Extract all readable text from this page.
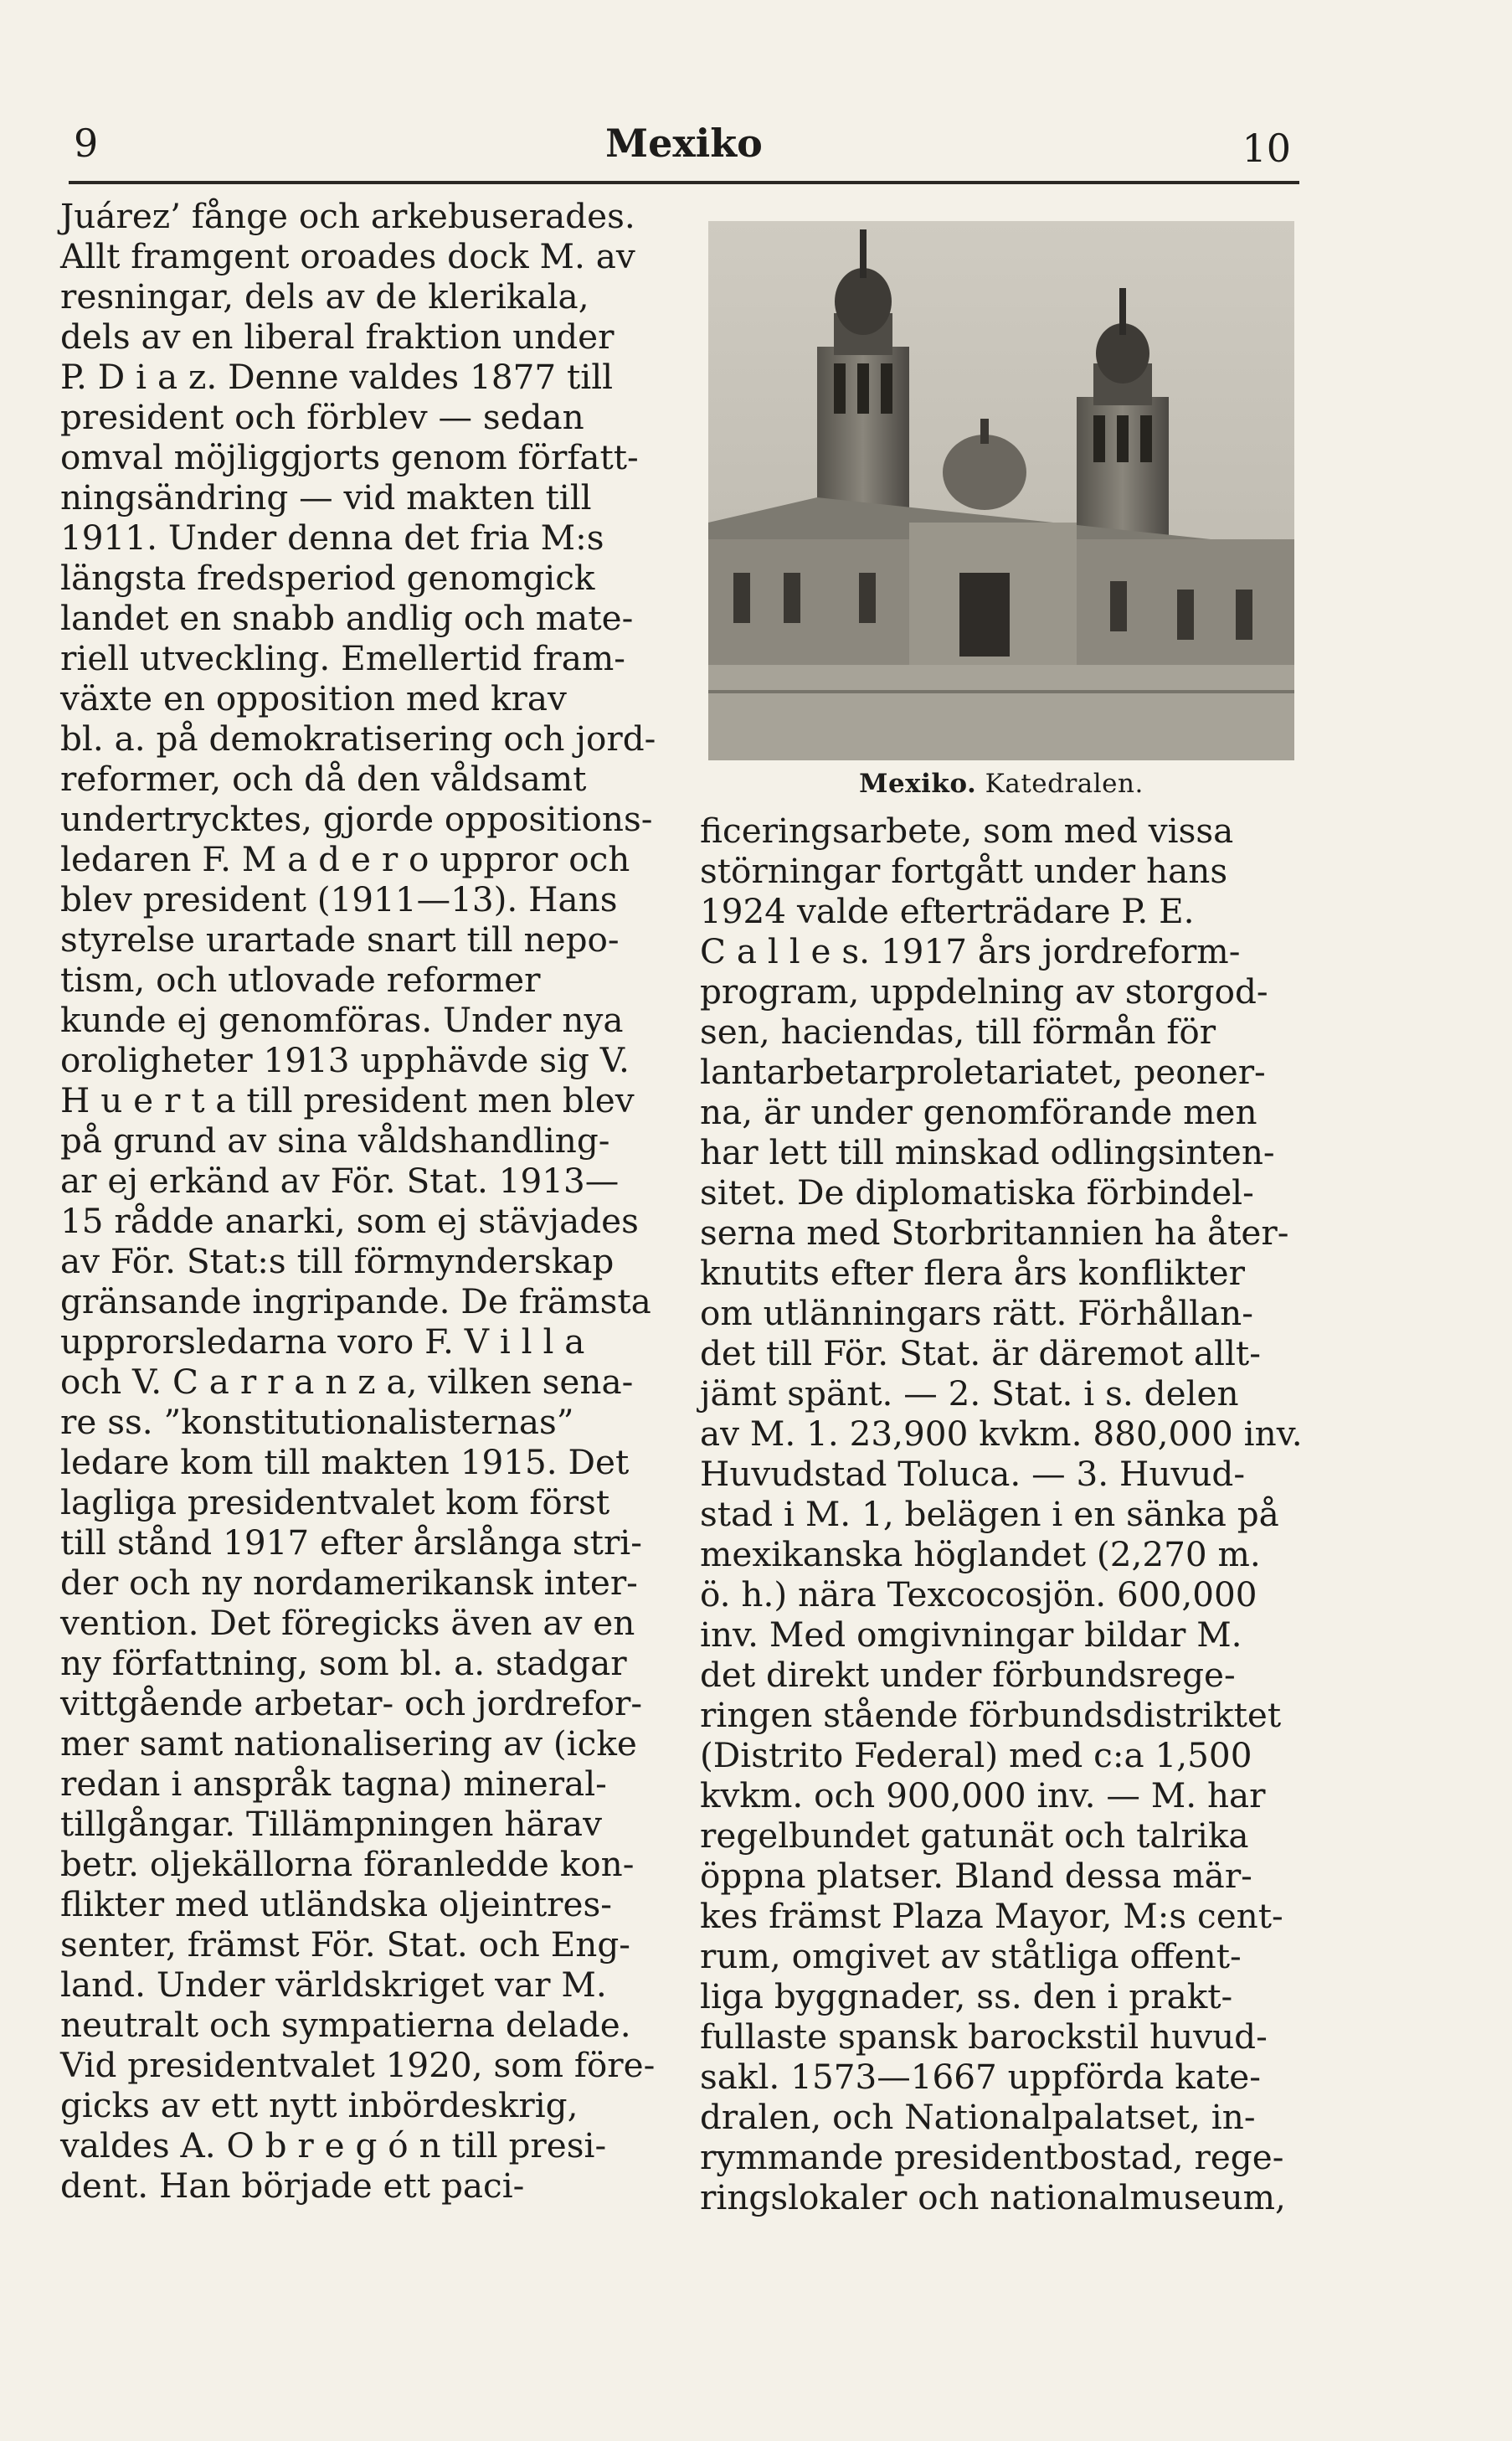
9	Mexiko	10
Juárez’ fånge och arkebuserades.
Allt framgent oroades dock M. av
resningar, dels av de klerikala,
dels av en liberal fraktion under
P. D i a z. Denne valdes 1877 till
president och förblev — sedan
omval möjliggjorts genom författ-
ningsändring — vid makten till
1911. Under denna det fria M:s
längsta fredsperiod genomgick
landet en snabb andlig och mate-
riell utveckling. Emellertid fram-
växte en opposition med krav
bl. a. på demokratisering och jord-
reformer, och då den våldsamt
undertrycktes, gjorde oppositions-
ledaren F. M a d e r o uppror och
blev president (1911—13). Hans
styrelse urartade snart till nepo-
tism, och utlovade reformer
kunde ej genomföras. Under nya
oroligheter 1913 upphävde sig V.
H u e r t a till president men blev
på grund av sina våldshandling-
ar ej erkänd av För. Stat. 1913—
15 rådde anarki, som ej stävjades
av För. Stat:s till förmynderskap
gränsande ingripande. De främsta
upprorsledarna voro F. V i l l a
och V. C a r r a n z a, vilken sena-
re ss. ”konstitutionalisternas”
ledare kom till makten 1915. Det
lagliga presidentvalet kom först
till stånd 1917 efter årslånga stri-
der och ny nordamerikansk inter-
vention. Det föregicks även av en
ny författning, som bl. a. stadgar
vittgående arbetar- och jordrefor-
mer samt nationalisering av (icke
redan i anspråk tagna) mineral-
tillgångar. Tillämpningen härav
betr. oljekällorna föranledde kon-
flikter med utländska oljeintres-
senter, främst För. Stat. och Eng-
land. Under världskriget var M.
neutralt och sympatierna delade.
Vid presidentvalet 1920, som före-
gicks av ett nytt inbördeskrig,
valdes A. O b r e g ó n till presi-
dent. Han började ett paci-
Mexiko. Katedralen.
ficeringsarbete, som med vissa
störningar fortgått under hans
1924 valde efterträdare P. E.
C a l l e s. 1917 års jordreform-
program, uppdelning av storgod-
sen, haciendas, till förmån för
lantarbetarproletariatet, peoner-
na, är under genomförande men
har lett till minskad odlingsinten-
sitet. De diplomatiska förbindel-
serna med Storbritannien ha åter-
knutits efter flera års konflikter
om utlänningars rätt. Förhållan-
det till För. Stat. är däremot allt-
jämt spänt. — 2. Stat. i s. delen
av M. 1. 23,900 kvkm. 880,000 inv.
Huvudstad Toluca. — 3. Huvud-
stad i M. 1, belägen i en sänka på
mexikanska höglandet (2,270 m.
ö. h.) nära Texcocosjön. 600,000
inv. Med omgivningar bildar M.
det direkt under förbundsrege-
ringen stående förbundsdistriktet
(Distrito Federal) med c:a 1,500
kvkm. och 900,000 inv. — M. har
regelbundet gatunät och talrika
öppna platser. Bland dessa mär-
kes främst Plaza Mayor, M:s cent-
rum, omgivet av ståtliga offent-
liga byggnader, ss. den i prakt-
fullaste spansk barockstil huvud-
sakl. 1573—1667 uppförda kate-
dralen, och Nationalpalatset, in-
rymmande presidentbostad, rege-
ringslokaler och nationalmuseum,
